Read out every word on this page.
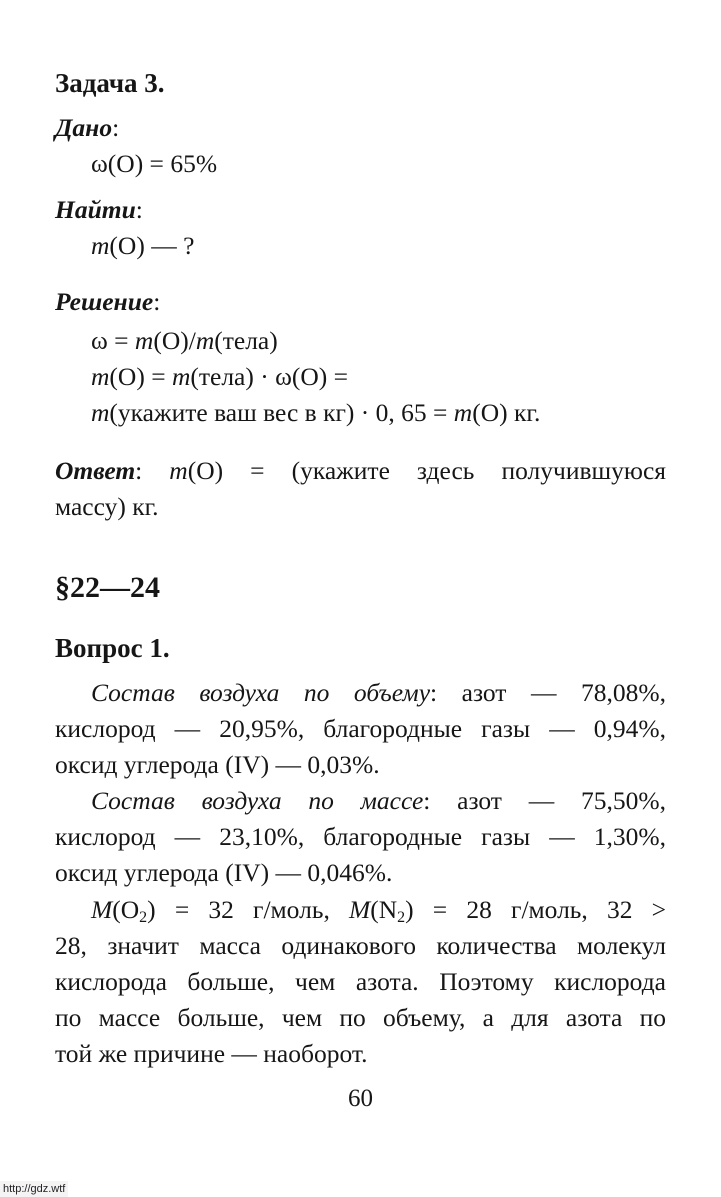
Задача 3.
Дано:
ω(O) = 65%
Найти:
m(O) — ?
Решение:
ω = m(O)/m(тела)
m(O) = m(тела) · ω(O) =
m(укажите ваш вес в кг) · 0, 65 = m(O) кг.
Ответ: m(O) = (укажите здесь получившуюся
массу) кг.
§22—24
Вопрос 1.
Состав воздуха по объему: азот — 78,08%,
кислород — 20,95%, благородные газы — 0,94%,
оксид углерода (IV) — 0,03%.
Состав воздуха по массе: азот — 75,50%,
кислород — 23,10%, благородные газы — 1,30%,
оксид углерода (IV) — 0,046%.
$M(O_2) = 32$ г/моль, $M(N_2) = 28$ г/моль, 32 >
28, значит масса одинакового количества молекул
кислорода больше, чем азота. Поэтому кислорода
по массе больше, чем по объему, а для азота по
той же причине — наоборот.
60
http://gdz.wtf
